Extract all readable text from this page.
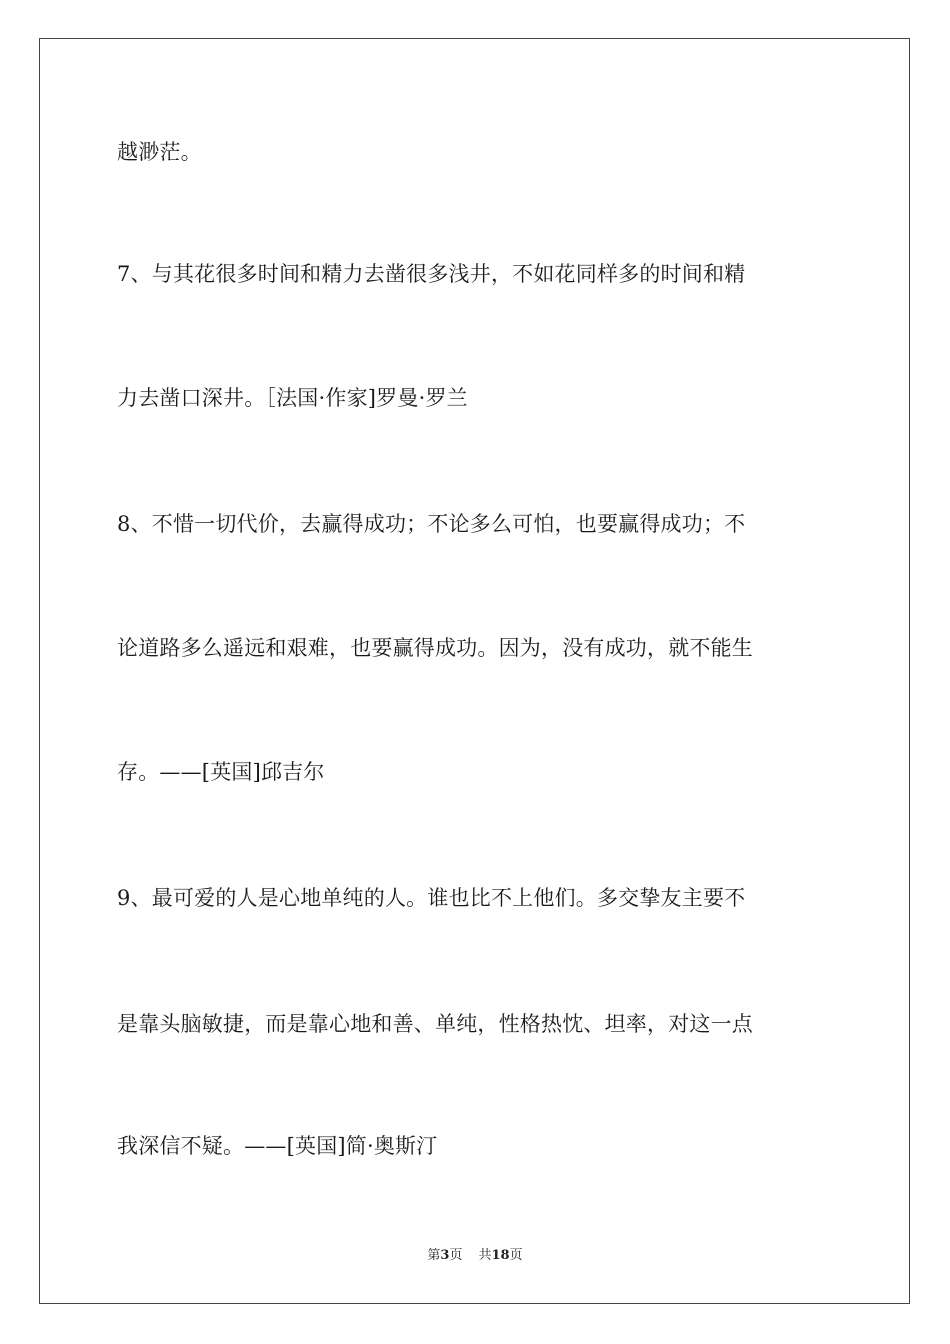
越渺茫。
7、与其花很多时间和精力去凿很多浅井，不如花同样多的时间和精
力去凿口深井。［法国·作家]罗曼·罗兰
8、不惜一切代价，去赢得成功；不论多么可怕，也要赢得成功；不
论道路多么遥远和艰难，也要赢得成功。因为，没有成功，就不能生
存。——[英国]邱吉尔
9、最可爱的人是心地单纯的人。谁也比不上他们。多交挚友主要不
是靠头脑敏捷，而是靠心地和善、单纯，性格热忱、坦率，对这一点
我深信不疑。——[英国]简·奥斯汀
第3页 共18页
